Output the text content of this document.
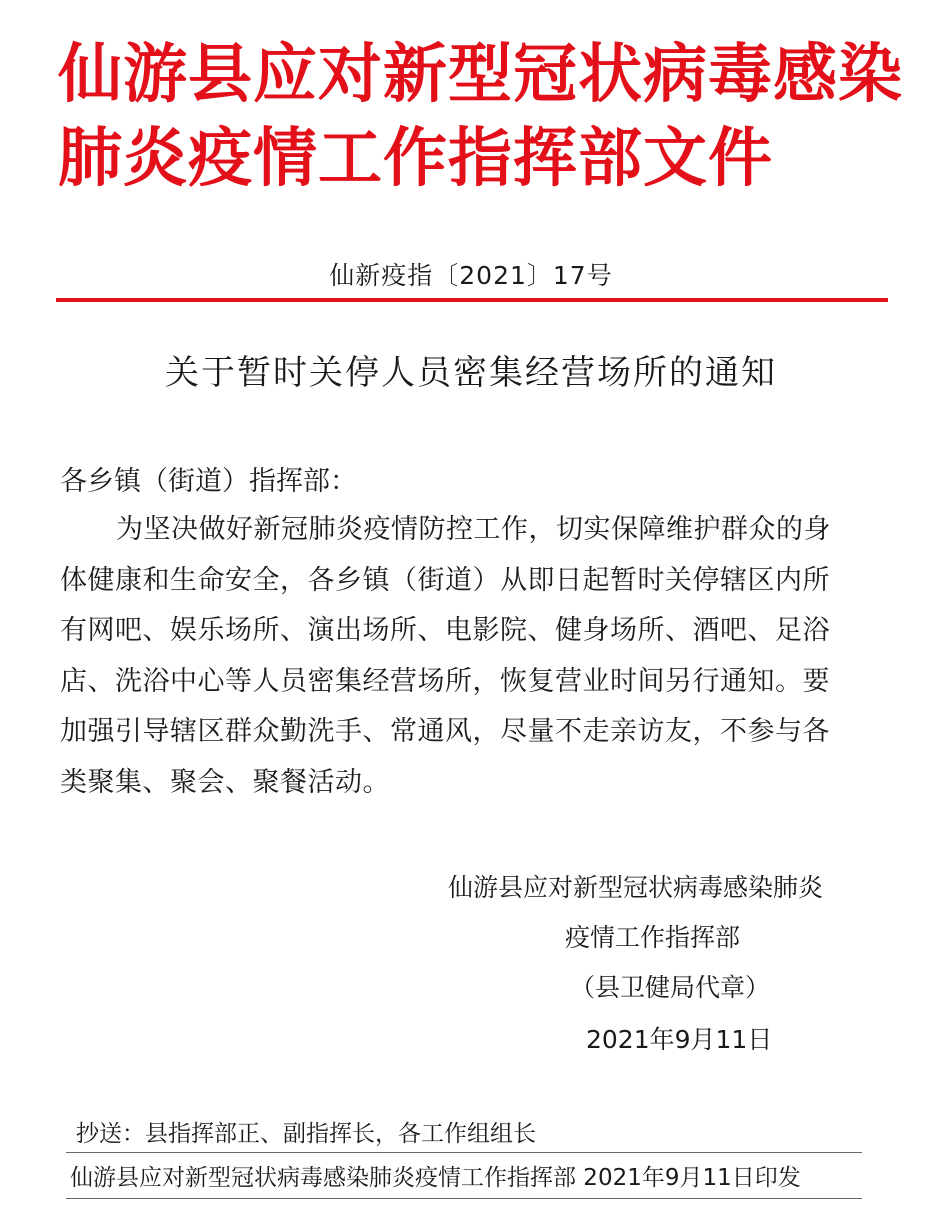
仙游县应对新型冠状病毒感染
肺炎疫情工作指挥部文件
仙新疫指〔2021〕17号
关于暂时关停人员密集经营场所的通知
各乡镇（街道）指挥部：
为坚决做好新冠肺炎疫情防控工作，切实保障维护群众的身
体健康和生命安全，各乡镇（街道）从即日起暂时关停辖区内所
有网吧、娱乐场所、演出场所、电影院、健身场所、酒吧、足浴
店、洗浴中心等人员密集经营场所，恢复营业时间另行通知。要
加强引导辖区群众勤洗手、常通风，尽量不走亲访友，不参与各
类聚集、聚会、聚餐活动。
仙游县应对新型冠状病毒感染肺炎
疫情工作指挥部
（县卫健局代章）
2021年9月11日
抄送：县指挥部正、副指挥长，各工作组组长
仙游县应对新型冠状病毒感染肺炎疫情工作指挥部 2021年9月11日印发
